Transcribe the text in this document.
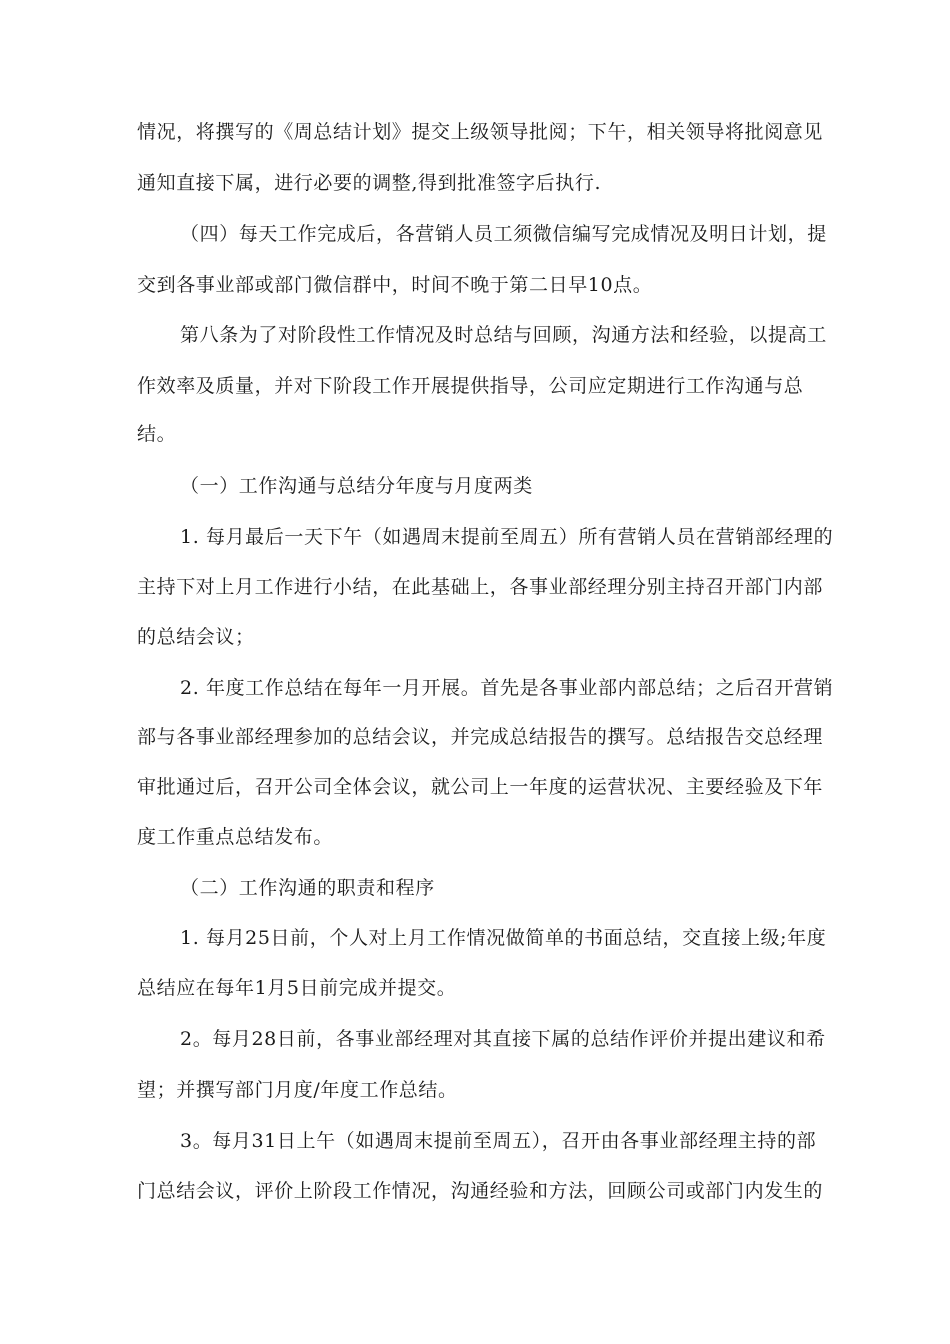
情况，将撰写的《周总结计划》提交上级领导批阅；下午，相关领导将批阅意见
通知直接下属，进行必要的调整,得到批准签字后执行.
（四）每天工作完成后，各营销人员工须微信编写完成情况及明日计划，提
交到各事业部或部门微信群中，时间不晚于第二日早10点。
第八条为了对阶段性工作情况及时总结与回顾，沟通方法和经验，以提高工
作效率及质量，并对下阶段工作开展提供指导，公司应定期进行工作沟通与总
结。
（一）工作沟通与总结分年度与月度两类
1. 每月最后一天下午（如遇周末提前至周五）所有营销人员在营销部经理的
主持下对上月工作进行小结，在此基础上，各事业部经理分别主持召开部门内部
的总结会议；
2. 年度工作总结在每年一月开展。首先是各事业部内部总结；之后召开营销
部与各事业部经理参加的总结会议，并完成总结报告的撰写。总结报告交总经理
审批通过后，召开公司全体会议，就公司上一年度的运营状况、主要经验及下年
度工作重点总结发布。
（二）工作沟通的职责和程序
1. 每月25日前，个人对上月工作情况做简单的书面总结，交直接上级;年度
总结应在每年1月5日前完成并提交。
2。每月28日前，各事业部经理对其直接下属的总结作评价并提出建议和希
望；并撰写部门月度/年度工作总结。
3。每月31日上午（如遇周末提前至周五），召开由各事业部经理主持的部
门总结会议，评价上阶段工作情况，沟通经验和方法，回顾公司或部门内发生的
